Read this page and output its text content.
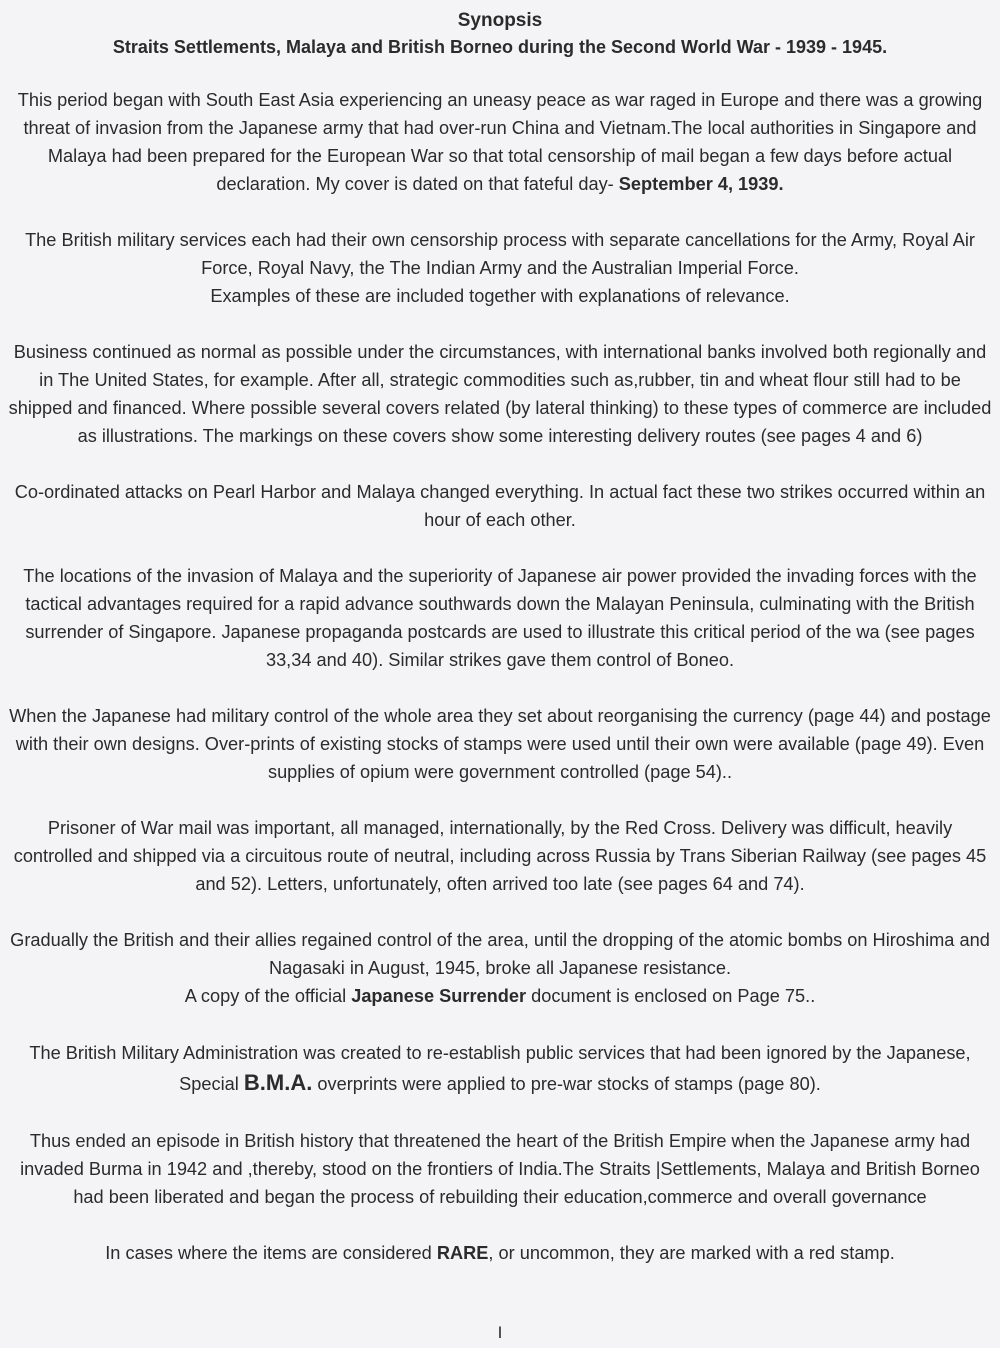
Synopsis
Straits Settlements, Malaya and British Borneo during the Second World War - 1939 - 1945.

This period began with South East Asia experiencing an uneasy peace as war raged in Europe and there was a growing threat of invasion from the Japanese army that had over-run China and Vietnam.The local authorities in Singapore and Malaya had been prepared for the European War so that total censorship of mail began a few days before actual declaration. My cover is dated on that fateful day- September 4, 1939.

The British military services each had their own censorship process with separate cancellations for the Army, Royal Air Force, Royal Navy, the The Indian Army and the Australian Imperial Force.
Examples of these are included together with explanations of relevance.

Business continued as normal as possible under the circumstances, with international banks involved both regionally and in The United States, for example. After all, strategic commodities such as,rubber, tin and wheat flour still had to be shipped and financed. Where possible several covers related (by lateral thinking) to these types of commerce are included as illustrations. The markings on these covers show some interesting delivery routes (see pages 4 and 6)

Co-ordinated attacks on Pearl Harbor and Malaya changed everything. In actual fact these two strikes occurred within an hour of each other.

The locations of the invasion of Malaya and the superiority of Japanese air power provided the invading forces with the tactical advantages required for a rapid advance southwards down the Malayan Peninsula, culminating with the British surrender of Singapore. Japanese propaganda postcards are used to illustrate this critical period of the wa (see pages 33,34 and 40). Similar strikes gave them control of Boneo.

When the Japanese had military control of the whole area they set about reorganising the currency (page 44) and postage with their own designs. Over-prints of existing stocks of stamps were used until their own were available (page 49). Even supplies of opium were government controlled (page 54)..

Prisoner of War mail was important, all managed, internationally, by the Red Cross. Delivery was difficult, heavily controlled and shipped via a circuitous route of neutral, including across Russia by Trans Siberian Railway (see pages 45 and 52). Letters, unfortunately, often arrived too late (see pages 64 and 74).

Gradually the British and their allies regained control of the area, until the dropping of the atomic bombs on Hiroshima and Nagasaki in August, 1945, broke all Japanese resistance.
A copy of the official Japanese Surrender document is enclosed on Page 75..

The British Military Administration was created to re-establish public services that had been ignored by the Japanese, Special B.M.A. overprints were applied to pre-war stocks of stamps (page 80).

Thus ended an episode in British history that threatened the heart of the British Empire when the Japanese army had invaded Burma in 1942 and ,thereby, stood on the frontiers of India.The Straits |Settlements, Malaya and British Borneo had been liberated and began the process of rebuilding their education,commerce and overall governance

In cases where the items are considered RARE, or uncommon, they are marked with a red stamp.

I
